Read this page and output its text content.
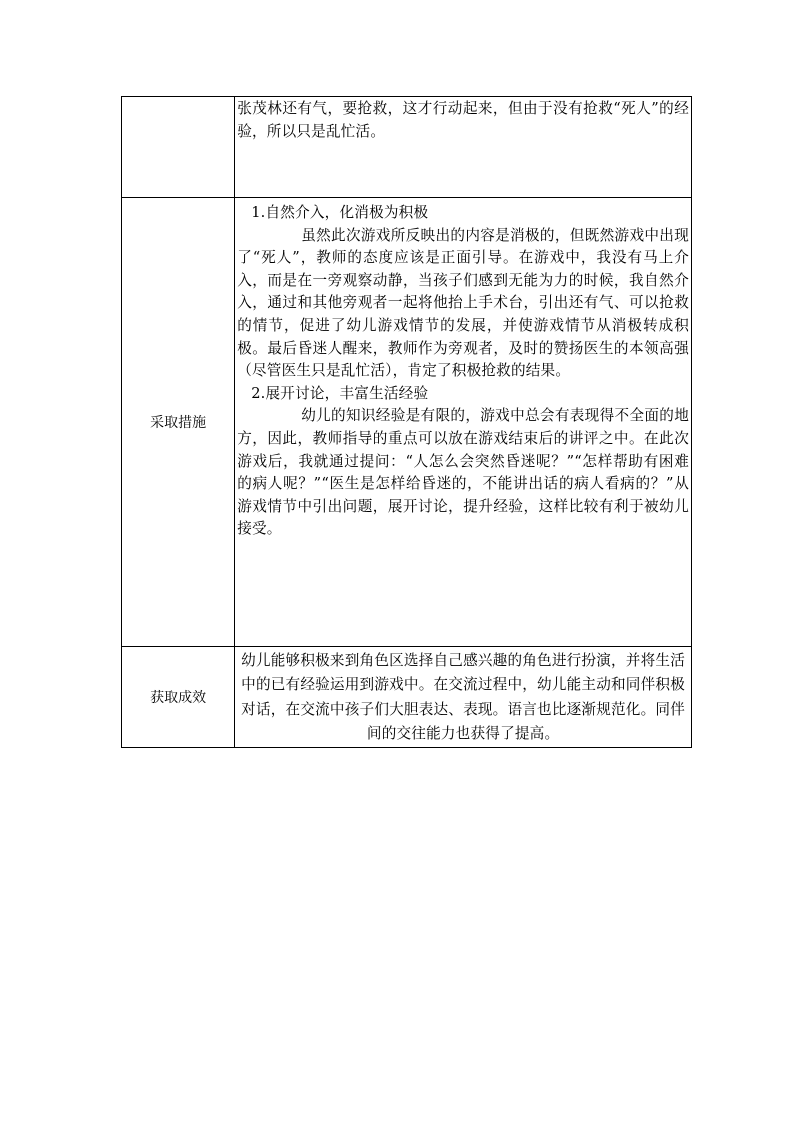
	张茂林还有气，要抢救，这才行动起来，但由于没有抢救“死人”的经验，所以只是乱忙活。

采取措施	1.自然介入，化消极为积极
虽然此次游戏所反映出的内容是消极的，但既然游戏中出现了“死人”，教师的态度应该是正面引导。在游戏中，我没有马上介入，而是在一旁观察动静，当孩子们感到无能为力的时候，我自然介入，通过和其他旁观者一起将他抬上手术台，引出还有气、可以抢救的情节，促进了幼儿游戏情节的发展，并使游戏情节从消极转成积极。最后昏迷人醒来，教师作为旁观者，及时的赞扬医生的本领高强（尽管医生只是乱忙活），肯定了积极抢救的结果。
2.展开讨论，丰富生活经验
幼儿的知识经验是有限的，游戏中总会有表现得不全面的地方，因此，教师指导的重点可以放在游戏结束后的讲评之中。在此次游戏后，我就通过提问：“人怎么会突然昏迷呢？”“怎样帮助有困难的病人呢？”“医生是怎样给昏迷的，不能讲出话的病人看病的？”从游戏情节中引出问题，展开讨论，提升经验，这样比较有利于被幼儿接受。

获取成效	幼儿能够积极来到角色区选择自己感兴趣的角色进行扮演，并将生活中的已有经验运用到游戏中。在交流过程中，幼儿能主动和同伴积极对话，在交流中孩子们大胆表达、表现。语言也比逐渐规范化。同伴间的交往能力也获得了提高。
